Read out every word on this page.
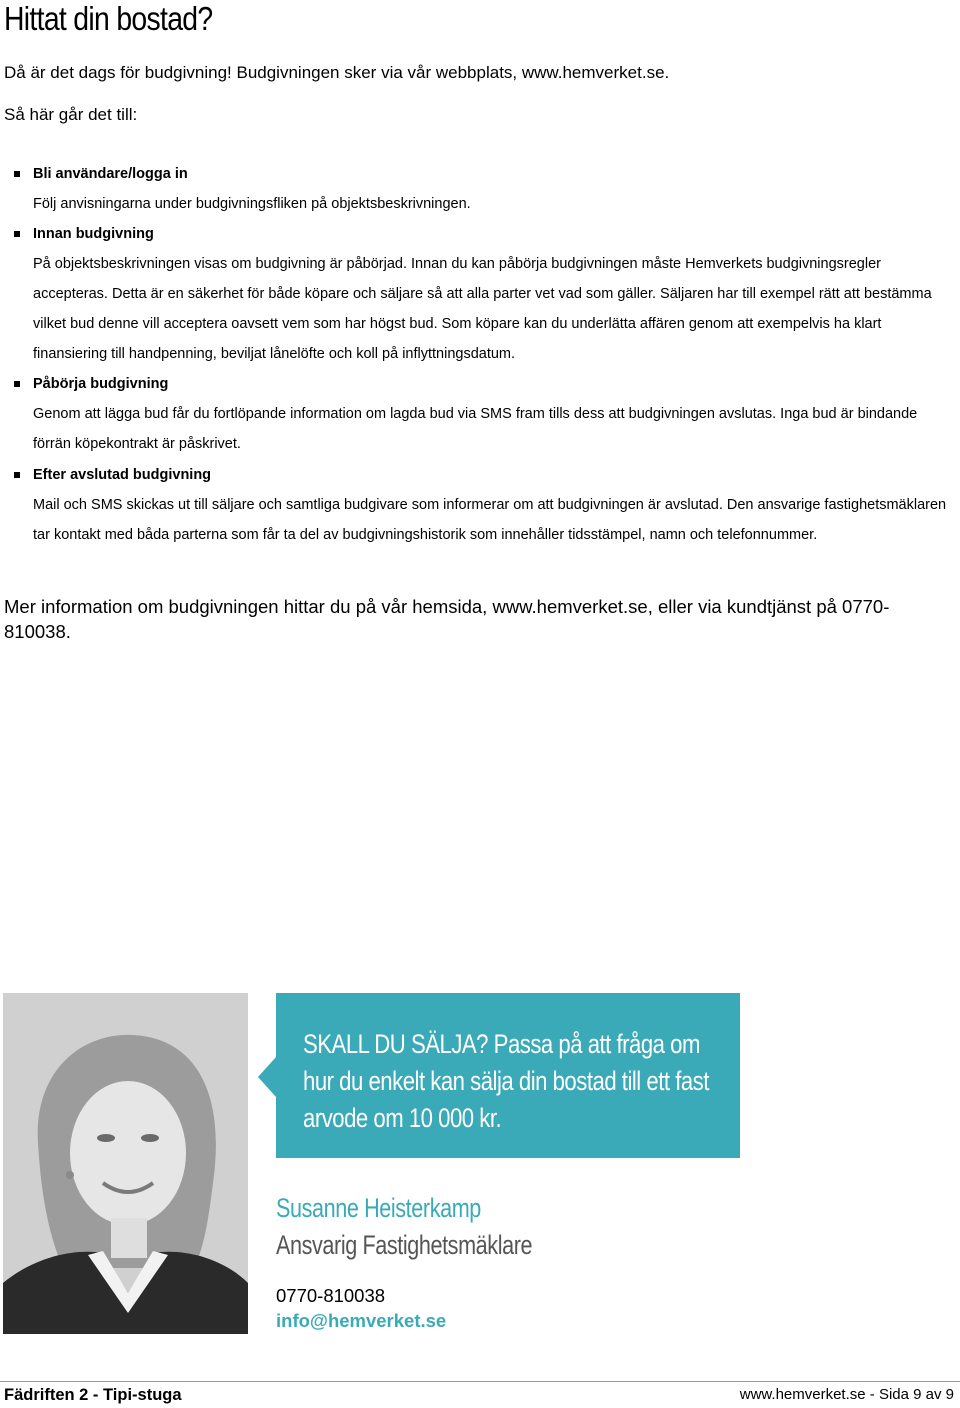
Hittat din bostad?
Då är det dags för budgivning! Budgivningen sker via vår webbplats, www.hemverket.se.
Så här går det till:
Bli användare/logga in
Följ anvisningarna under budgivningsfliken på objektsbeskrivningen.
Innan budgivning
På objektsbeskrivningen visas om budgivning är påbörjad. Innan du kan påbörja budgivningen måste Hemverkets budgivningsregler accepteras. Detta är en säkerhet för både köpare och säljare så att alla parter vet vad som gäller. Säljaren har till exempel rätt att bestämma vilket bud denne vill acceptera oavsett vem som har högst bud. Som köpare kan du underlätta affären genom att exempelvis ha klart finansiering till handpenning, beviljat lånelöfte och koll på inflyttningsdatum.
Påbörja budgivning
Genom att lägga bud får du fortlöpande information om lagda bud via SMS fram tills dess att budgivningen avslutas. Inga bud är bindande förrän köpekontrakt är påskrivet.
Efter avslutad budgivning
Mail och SMS skickas ut till säljare och samtliga budgivare som informerar om att budgivningen är avslutad. Den ansvarige fastighetsmäklaren tar kontakt med båda parterna som får ta del av budgivningshistorik som innehåller tidsstämpel, namn och telefonnummer.
Mer information om budgivningen hittar du på vår hemsida, www.hemverket.se, eller via kundtjänst på 0770-810038.
SKALL DU SÄLJA? Passa på att fråga om hur du enkelt kan sälja din bostad till ett fast arvode om 10 000 kr.
Susanne Heisterkamp
Ansvarig Fastighetsmäklare
0770-810038
info@hemverket.se
Fädriften 2 - Tipi-stuga	www.hemverket.se - Sida 9 av 9
